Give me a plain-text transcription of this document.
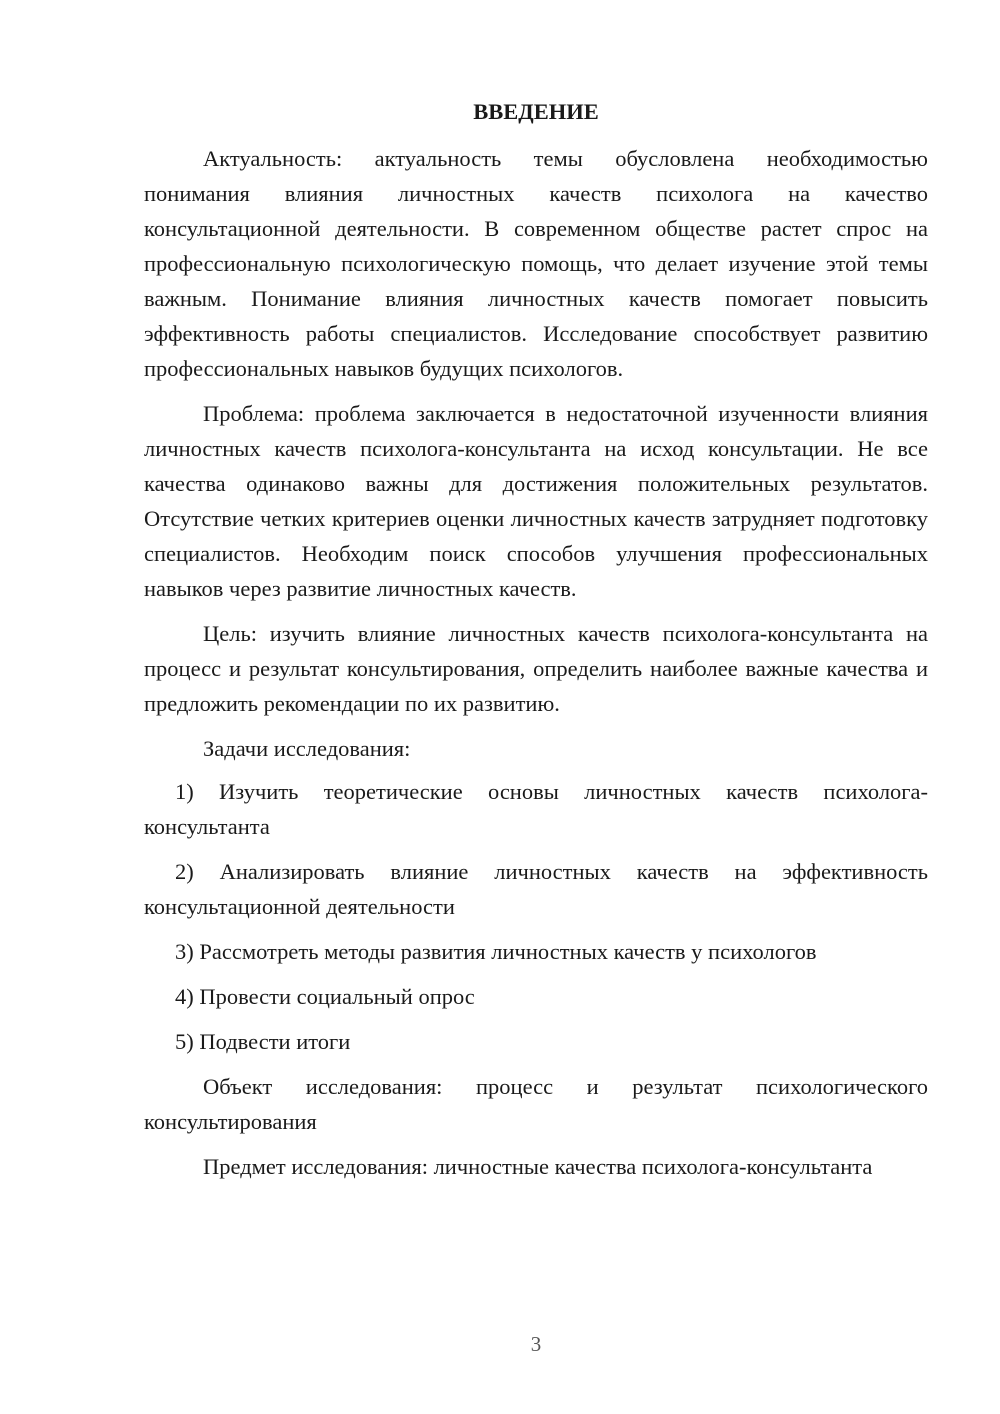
ВВЕДЕНИЕ

Актуальность: актуальность темы обусловлена необходимостью понимания влияния личностных качеств психолога на качество консультационной деятельности. В современном обществе растет спрос на профессиональную психологическую помощь, что делает изучение этой темы важным. Понимание влияния личностных качеств помогает повысить эффективность работы специалистов. Исследование способствует развитию профессиональных навыков будущих психологов.

Проблема: проблема заключается в недостаточной изученности влияния личностных качеств психолога-консультанта на исход консультации. Не все качества одинаково важны для достижения положительных результатов. Отсутствие четких критериев оценки личностных качеств затрудняет подготовку специалистов. Необходим поиск способов улучшения профессиональных навыков через развитие личностных качеств.

Цель: изучить влияние личностных качеств психолога-консультанта на процесс и результат консультирования, определить наиболее важные качества и предложить рекомендации по их развитию.

Задачи исследования:

1) Изучить теоретические основы личностных качеств психолога-консультанта

2) Анализировать влияние личностных качеств на эффективность консультационной деятельности

3) Рассмотреть методы развития личностных качеств у психологов

4) Провести социальный опрос

5) Подвести итоги

Объект исследования: процесс и результат психологического консультирования

Предмет исследования: личностные качества психолога-консультанта

3
